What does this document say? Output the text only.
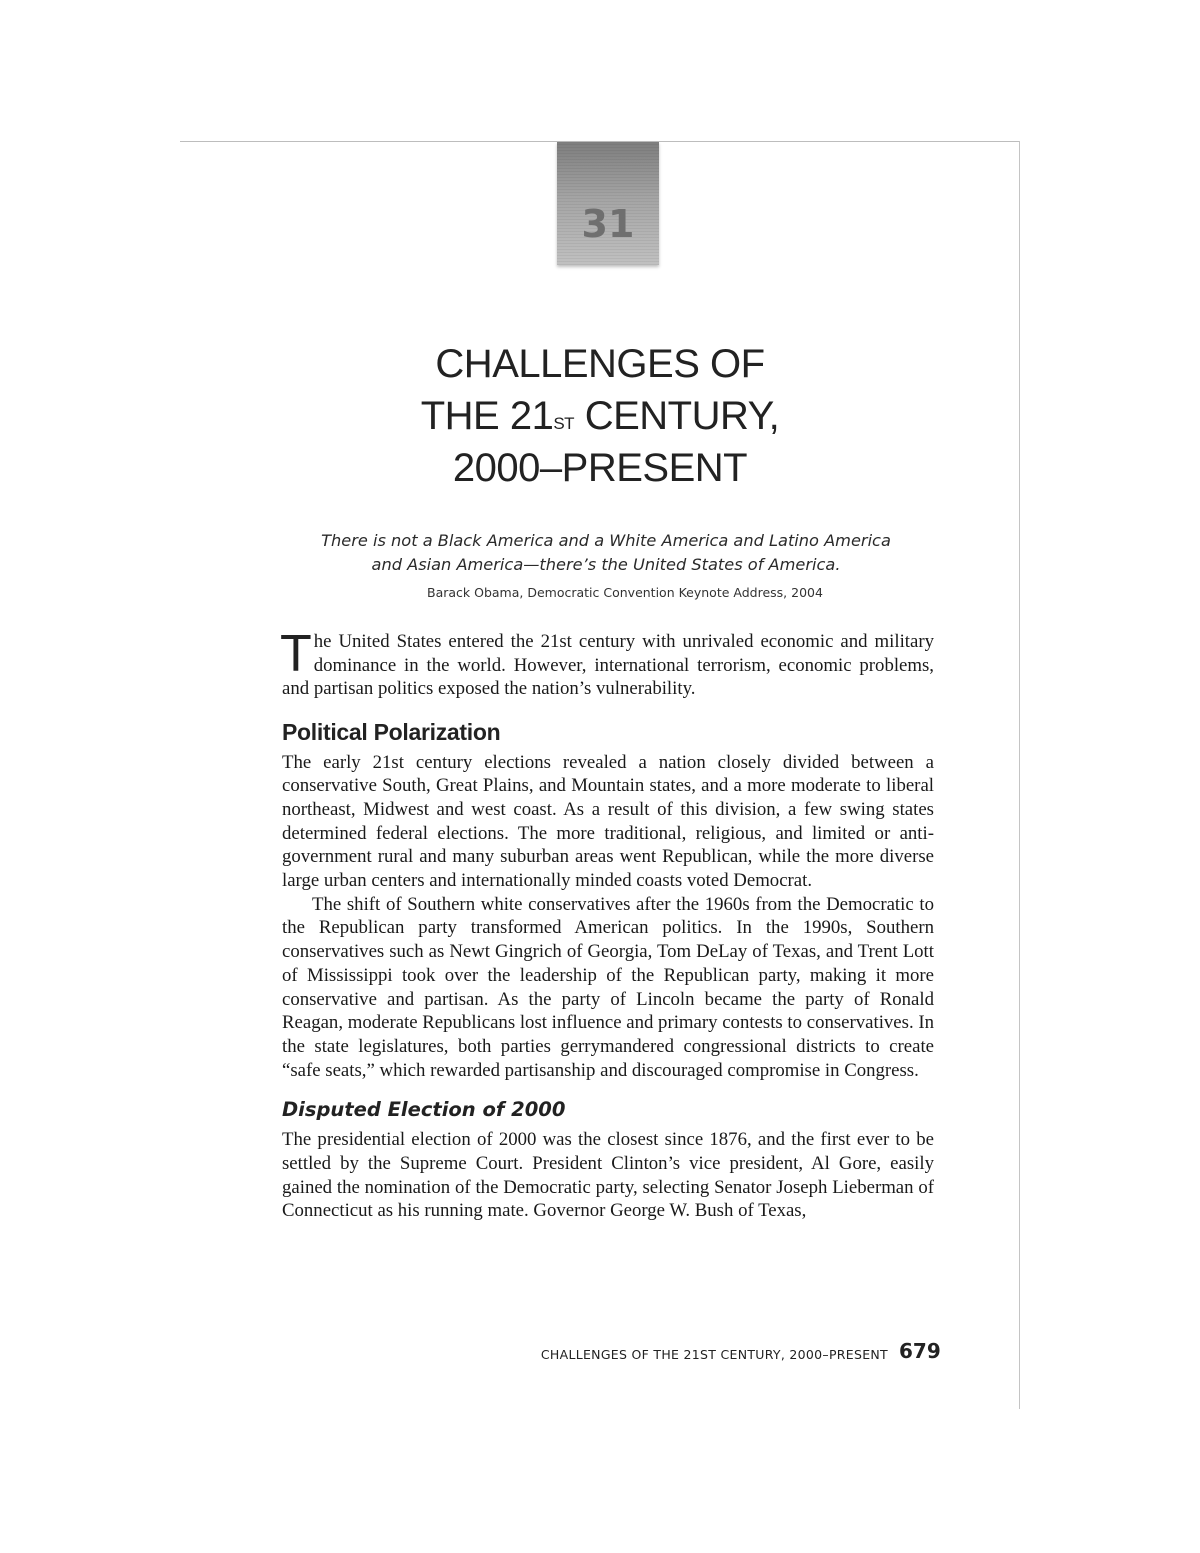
31
CHALLENGES OF
THE 21ST CENTURY,
2000–PRESENT
There is not a Black America and a White America and Latino America
and Asian America—there’s the United States of America.
Barack Obama, Democratic Convention Keynote Address, 2004

T he United States entered the 21st century with unrivaled economic and military dominance in the world. However, international terrorism, economic problems, and partisan politics exposed the nation’s vulnerability.

Political Polarization

The early 21st century elections revealed a nation closely divided between a conservative South, Great Plains, and Mountain states, and a more moderate to liberal northeast, Midwest and west coast. As a result of this division, a few swing states determined federal elections. The more traditional, religious, and limited or anti-government rural and many suburban areas went Republican, while the more diverse large urban centers and internationally minded coasts voted Democrat.

The shift of Southern white conservatives after the 1960s from the Democratic to the Republican party transformed American politics. In the 1990s, Southern conservatives such as Newt Gingrich of Georgia, Tom DeLay of Texas, and Trent Lott of Mississippi took over the leadership of the Republican party, making it more conservative and partisan. As the party of Lincoln became the party of Ronald Reagan, moderate Republicans lost influence and primary contests to conservatives. In the state legislatures, both parties gerrymandered congressional districts to create “safe seats,” which rewarded partisanship and discouraged compromise in Congress.

Disputed Election of 2000

The presidential election of 2000 was the closest since 1876, and the first ever to be settled by the Supreme Court. President Clinton’s vice president, Al Gore, easily gained the nomination of the Democratic party, selecting Senator Joseph Lieberman of Connecticut as his running mate. Governor George W. Bush of Texas,

CHALLENGES OF THE 21ST CENTURY, 2000–PRESENT 679
